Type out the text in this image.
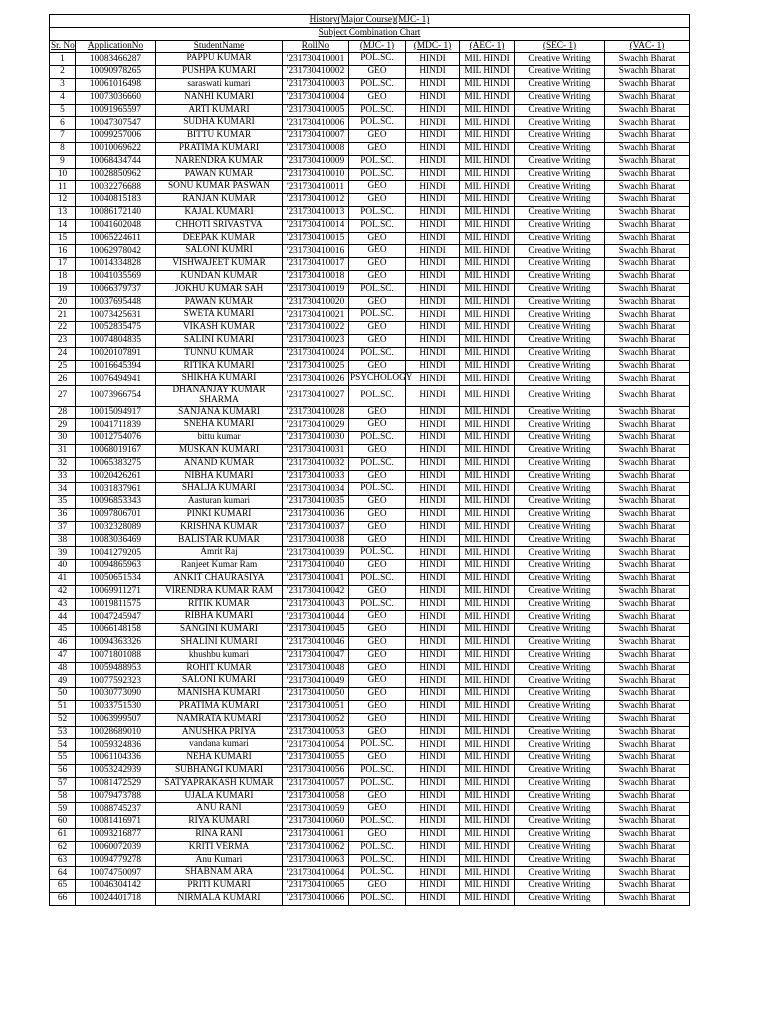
History(Major Course)(MJC- 1)								
Subject Combination Chart								
Sr. No	ApplicationNo	StudentName	RollNo	(MJC- 1)	(MDC- 1)	(AEC- 1)	(SEC- 1)	(VAC- 1)
1	10083466287	PAPPU KUMAR	'231730410001	POL.SC.	HINDI	MIL HINDI	Creative Writing	Swachh Bharat
2	10090978265	PUSHPA KUMARI	'231730410002	GEO	HINDI	MIL HINDI	Creative Writing	Swachh Bharat
3	10061016498	saraswati kumari	'231730410003	POL.SC.	HINDI	MIL HINDI	Creative Writing	Swachh Bharat
4	10073036660	NANHI KUMARI	'231730410004	GEO	HINDI	MIL HINDI	Creative Writing	Swachh Bharat
5	10091965597	ARTI KUMARI	'231730410005	POL.SC.	HINDI	MIL HINDI	Creative Writing	Swachh Bharat
6	10047307547	SUDHA KUMARI	'231730410006	POL.SC.	HINDI	MIL HINDI	Creative Writing	Swachh Bharat
7	10099257006	BITTU KUMAR	'231730410007	GEO	HINDI	MIL HINDI	Creative Writing	Swachh Bharat
8	10010069622	PRATIMA KUMARI	'231730410008	GEO	HINDI	MIL HINDI	Creative Writing	Swachh Bharat
9	10068434744	NARENDRA KUMAR	'231730410009	POL.SC.	HINDI	MIL HINDI	Creative Writing	Swachh Bharat
10	10028850962	PAWAN KUMAR	'231730410010	POL.SC.	HINDI	MIL HINDI	Creative Writing	Swachh Bharat
11	10032276688	SONU KUMAR PASWAN	'231730410011	GEO	HINDI	MIL HINDI	Creative Writing	Swachh Bharat
12	10040815183	RANJAN KUMAR	'231730410012	GEO	HINDI	MIL HINDI	Creative Writing	Swachh Bharat
13	10086172140	KAJAL KUMARI	'231730410013	POL.SC.	HINDI	MIL HINDI	Creative Writing	Swachh Bharat
14	10041602048	CHHOTI SRIVASTVA	'231730410014	POL.SC.	HINDI	MIL HINDI	Creative Writing	Swachh Bharat
15	10065224611	DEEPAK KUMAR	'231730410015	GEO	HINDI	MIL HINDI	Creative Writing	Swachh Bharat
16	10062978042	SALONI KUMRI	'231730410016	GEO	HINDI	MIL HINDI	Creative Writing	Swachh Bharat
17	10014334828	VISHWAJEET KUMAR	'231730410017	GEO	HINDI	MIL HINDI	Creative Writing	Swachh Bharat
18	10041035569	KUNDAN KUMAR	'231730410018	GEO	HINDI	MIL HINDI	Creative Writing	Swachh Bharat
19	10066379737	JOKHU KUMAR SAH	'231730410019	POL.SC.	HINDI	MIL HINDI	Creative Writing	Swachh Bharat
20	10037695448	PAWAN KUMAR	'231730410020	GEO	HINDI	MIL HINDI	Creative Writing	Swachh Bharat
21	10073425631	SWETA KUMARI	'231730410021	POL.SC.	HINDI	MIL HINDI	Creative Writing	Swachh Bharat
22	10052835475	VIKASH KUMAR	'231730410022	GEO	HINDI	MIL HINDI	Creative Writing	Swachh Bharat
23	10074804835	SALINI KUMARI	'231730410023	GEO	HINDI	MIL HINDI	Creative Writing	Swachh Bharat
24	10020107891	TUNNU KUMAR	'231730410024	POL.SC.	HINDI	MIL HINDI	Creative Writing	Swachh Bharat
25	10016645394	RITIKA KUMARI	'231730410025	GEO	HINDI	MIL HINDI	Creative Writing	Swachh Bharat
26	10076494941	SHIKHA KUMARI	'231730410026	PSYCHOLOGY	HINDI	MIL HINDI	Creative Writing	Swachh Bharat
27	10073966754	DHANANJAY KUMAR SHARMA	'231730410027	POL.SC.	HINDI	MIL HINDI	Creative Writing	Swachh Bharat
28	10015094917	SANJANA KUMARI	'231730410028	GEO	HINDI	MIL HINDI	Creative Writing	Swachh Bharat
29	10041711839	SNEHA KUMARI	'231730410029	GEO	HINDI	MIL HINDI	Creative Writing	Swachh Bharat
30	10012754076	bittu kumar	'231730410030	POL.SC.	HINDI	MIL HINDI	Creative Writing	Swachh Bharat
31	10068019167	MUSKAN KUMARI	'231730410031	GEO	HINDI	MIL HINDI	Creative Writing	Swachh Bharat
32	10065383275	ANAND KUMAR	'231730410032	POL.SC.	HINDI	MIL HINDI	Creative Writing	Swachh Bharat
33	10020426261	NIBHA KUMARI	'231730410033	GEO	HINDI	MIL HINDI	Creative Writing	Swachh Bharat
34	10031837961	SHALJA KUMARI	'231730410034	POL.SC.	HINDI	MIL HINDI	Creative Writing	Swachh Bharat
35	10096853343	Aasturan kumari	'231730410035	GEO	HINDI	MIL HINDI	Creative Writing	Swachh Bharat
36	10097806701	PINKI KUMARI	'231730410036	GEO	HINDI	MIL HINDI	Creative Writing	Swachh Bharat
37	10032328089	KRISHNA KUMAR	'231730410037	GEO	HINDI	MIL HINDI	Creative Writing	Swachh Bharat
38	10083036469	BALISTAR KUMAR	'231730410038	GEO	HINDI	MIL HINDI	Creative Writing	Swachh Bharat
39	10041279205	Amrit Raj	'231730410039	POL.SC.	HINDI	MIL HINDI	Creative Writing	Swachh Bharat
40	10094865963	Ranjeet Kumar Ram	'231730410040	GEO	HINDI	MIL HINDI	Creative Writing	Swachh Bharat
41	10050651534	ANKIT CHAURASIYA	'231730410041	POL.SC.	HINDI	MIL HINDI	Creative Writing	Swachh Bharat
42	10069911271	VIRENDRA KUMAR RAM	'231730410042	GEO	HINDI	MIL HINDI	Creative Writing	Swachh Bharat
43	10019811575	RITIK KUMAR	'231730410043	POL.SC.	HINDI	MIL HINDI	Creative Writing	Swachh Bharat
44	10047245947	RIBHA KUMARI	'231730410044	GEO	HINDI	MIL HINDI	Creative Writing	Swachh Bharat
45	10066148158	SANGINI KUMARI	'231730410045	GEO	HINDI	MIL HINDI	Creative Writing	Swachh Bharat
46	10094363326	SHALINI KUMARI	'231730410046	GEO	HINDI	MIL HINDI	Creative Writing	Swachh Bharat
47	10071801088	khushbu kumari	'231730410047	GEO	HINDI	MIL HINDI	Creative Writing	Swachh Bharat
48	10059488953	ROHIT KUMAR	'231730410048	GEO	HINDI	MIL HINDI	Creative Writing	Swachh Bharat
49	10077592323	SALONI KUMARI	'231730410049	GEO	HINDI	MIL HINDI	Creative Writing	Swachh Bharat
50	10030773090	MANISHA KUMARI	'231730410050	GEO	HINDI	MIL HINDI	Creative Writing	Swachh Bharat
51	10033751530	PRATIMA KUMARI	'231730410051	GEO	HINDI	MIL HINDI	Creative Writing	Swachh Bharat
52	10063999507	NAMRATA KUMARI	'231730410052	GEO	HINDI	MIL HINDI	Creative Writing	Swachh Bharat
53	10028689010	ANUSHKA PRIYA	'231730410053	GEO	HINDI	MIL HINDI	Creative Writing	Swachh Bharat
54	10059324836	vandana kumari	'231730410054	POL.SC.	HINDI	MIL HINDI	Creative Writing	Swachh Bharat
55	10061104336	NEHA KUMARI	'231730410055	GEO	HINDI	MIL HINDI	Creative Writing	Swachh Bharat
56	10053242939	SUBHANGI KUMARI	'231730410056	POL.SC.	HINDI	MIL HINDI	Creative Writing	Swachh Bharat
57	10081472529	SATYAPRAKASH KUMAR	'231730410057	POL.SC.	HINDI	MIL HINDI	Creative Writing	Swachh Bharat
58	10079473788	UJALA KUMARI	'231730410058	GEO	HINDI	MIL HINDI	Creative Writing	Swachh Bharat
59	10088745237	ANU RANI	'231730410059	GEO	HINDI	MIL HINDI	Creative Writing	Swachh Bharat
60	10081416971	RIYA KUMARI	'231730410060	POL.SC.	HINDI	MIL HINDI	Creative Writing	Swachh Bharat
61	10093216877	RINA RANI	'231730410061	GEO	HINDI	MIL HINDI	Creative Writing	Swachh Bharat
62	10060072039	KRITI VERMA	'231730410062	POL.SC.	HINDI	MIL HINDI	Creative Writing	Swachh Bharat
63	10094779278	Anu Kumari	'231730410063	POL.SC.	HINDI	MIL HINDI	Creative Writing	Swachh Bharat
64	10074750097	SHABNAM ARA	'231730410064	POL.SC.	HINDI	MIL HINDI	Creative Writing	Swachh Bharat
65	10046304142	PRITI KUMARI	'231730410065	GEO	HINDI	MIL HINDI	Creative Writing	Swachh Bharat
66	10024401718	NIRMALA KUMARI	'231730410066	POL.SC.	HINDI	MIL HINDI	Creative Writing	Swachh Bharat
